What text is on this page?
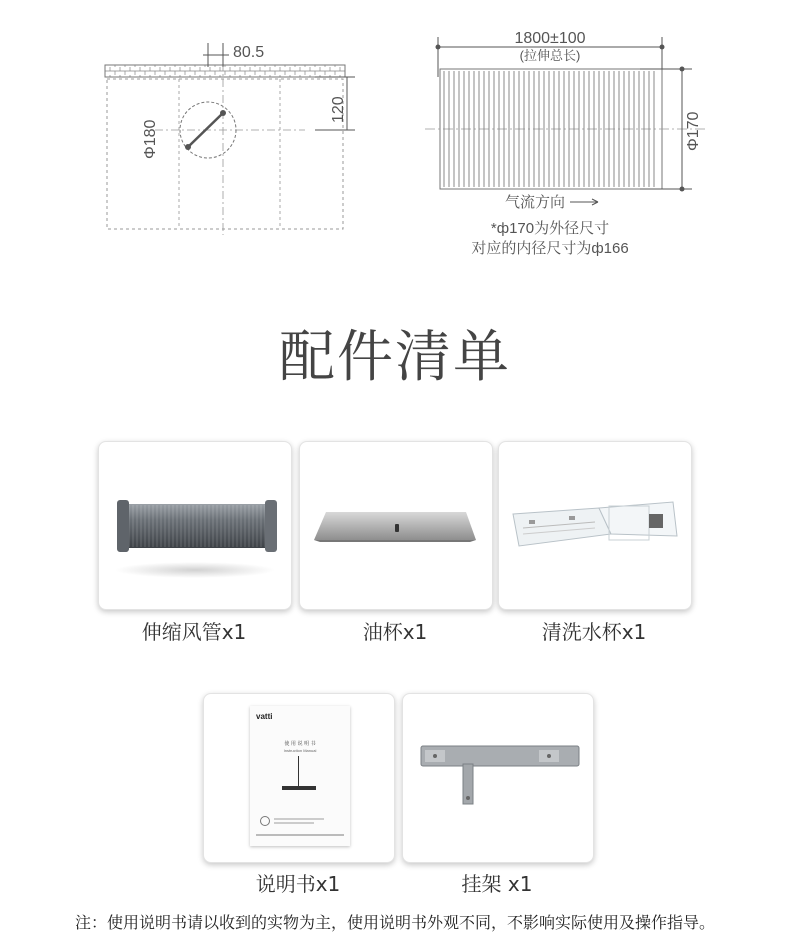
80.5
120
Φ180
1800±100
(拉伸总长)
Φ170
气流方向
*ф170为外径尺寸
对应的内径尺寸为ф166
配件清单
伸缩风管x1	油杯x1	清洗水杯x1
vatti
使 用 说 明 书
Instruction Manual
说明书x1	挂架 x1
注：使用说明书请以收到的实物为主，使用说明书外观不同，不影响实际使用及操作指导。
